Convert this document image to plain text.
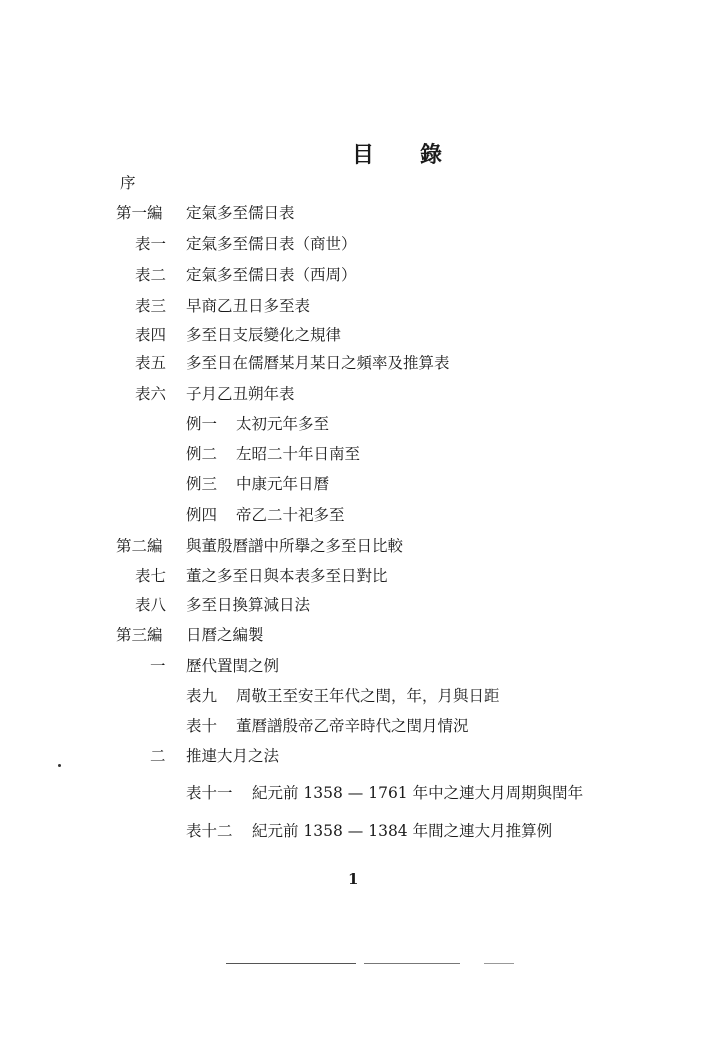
目 錄
序
第一編 定氣多至儒日表
表一 定氣多至儒日表（商世）
表二 定氣多至儒日表（西周）
表三 早商乙丑日多至表
表四 多至日支辰變化之規律
表五 多至日在儒曆某月某日之頻率及推算表
表六 子月乙丑朔年表
例一 太初元年多至
例二 左昭二十年日南至
例三 中康元年日曆
例四 帝乙二十祀多至
第二編 與董殷曆譜中所擧之多至日比較
表七 董之多至日與本表多至日對比
表八 多至日換算減日法
第三編 日曆之編製
一 歷代置閏之例
表九 周敬王至安王年代之閏，年，月與日距
表十 董曆譜殷帝乙帝辛時代之閏月情況
二 推連大月之法
表十一 紀元前 1358 — 1761 年中之連大月周期與閏年
表十二 紀元前 1358 — 1384 年間之連大月推算例
1
